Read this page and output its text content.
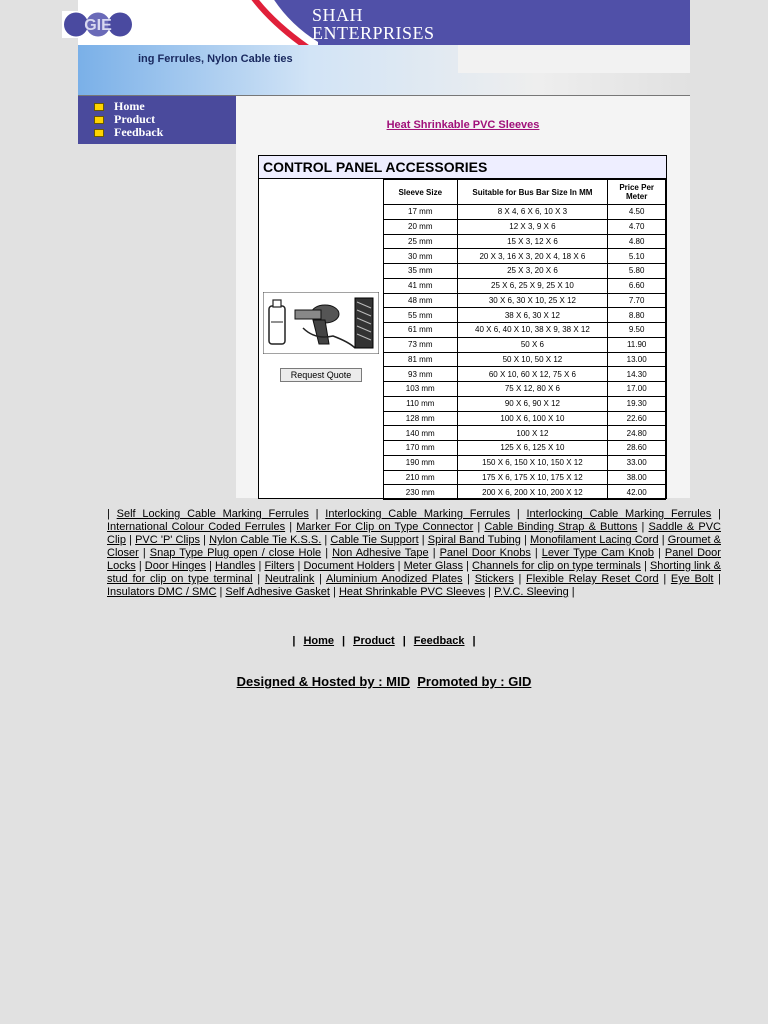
GIE
SHAH
ENTERPRISES
ing Ferrules, Nylon Cable ties
Home
Product
Feedback	Heat Shrinkable PVC Sleeves
CONTROL PANEL ACCESSORIES
Request Quote
Sleeve Size	Suitable for Bus Bar Size In MM	Price Per Meter
17 mm	8 X 4, 6 X 6, 10 X 3	4.50
20 mm	12 X 3, 9 X 6	4.70
25 mm	15 X 3, 12 X 6	4.80
30 mm	20 X 3, 16 X 3, 20 X 4, 18 X 6	5.10
35 mm	25 X 3, 20 X 6	5.80
41 mm	25 X 6, 25 X 9, 25 X 10	6.60
48 mm	30 X 6, 30 X 10, 25 X 12	7.70
55 mm	38 X 6, 30 X 12	8.80
61 mm	40 X 6, 40 X 10, 38 X 9, 38 X 12	9.50
73 mm	50 X 6	11.90
81 mm	50 X 10, 50 X 12	13.00
93 mm	60 X 10, 60 X 12, 75 X 6	14.30
103 mm	75 X 12, 80 X 6	17.00
110 mm	90 X 6, 90 X 12	19.30
128 mm	100 X 6, 100 X 10	22.60
140 mm	100 X 12	24.80
170 mm	125 X 6, 125 X 10	28.60
190 mm	150 X 6, 150 X 10, 150 X 12	33.00
210 mm	175 X 6, 175 X 10, 175 X 12	38.00
230 mm	200 X 6, 200 X 10, 200 X 12	42.00
| Self Locking Cable Marking Ferrules | Interlocking Cable Marking Ferrules | Interlocking Cable Marking Ferrules | International Colour Coded Ferrules | Marker For Clip on Type Connector | Cable Binding Strap & Buttons | Saddle & PVC Clip | PVC 'P' Clips | Nylon Cable Tie K.S.S. | Cable Tie Support | Spiral Band Tubing | Monofilament Lacing Cord | Groumet & Closer | Snap Type Plug open / close Hole | Non Adhesive Tape | Panel Door Knobs | Lever Type Cam Knob | Panel Door Locks | Door Hinges | Handles | Filters | Document Holders | Meter Glass | Channels for clip on type terminals | Shorting link & stud for clip on type terminal | Neutralink | Aluminium Anodized Plates | Stickers | Flexible Relay Reset Cord | Eye Bolt | Insulators DMC / SMC | Self Adhesive Gasket | Heat Shrinkable PVC Sleeves | P.V.C. Sleeving |
| Home | Product | Feedback |
Designed & Hosted by : MID Promoted by : GID
